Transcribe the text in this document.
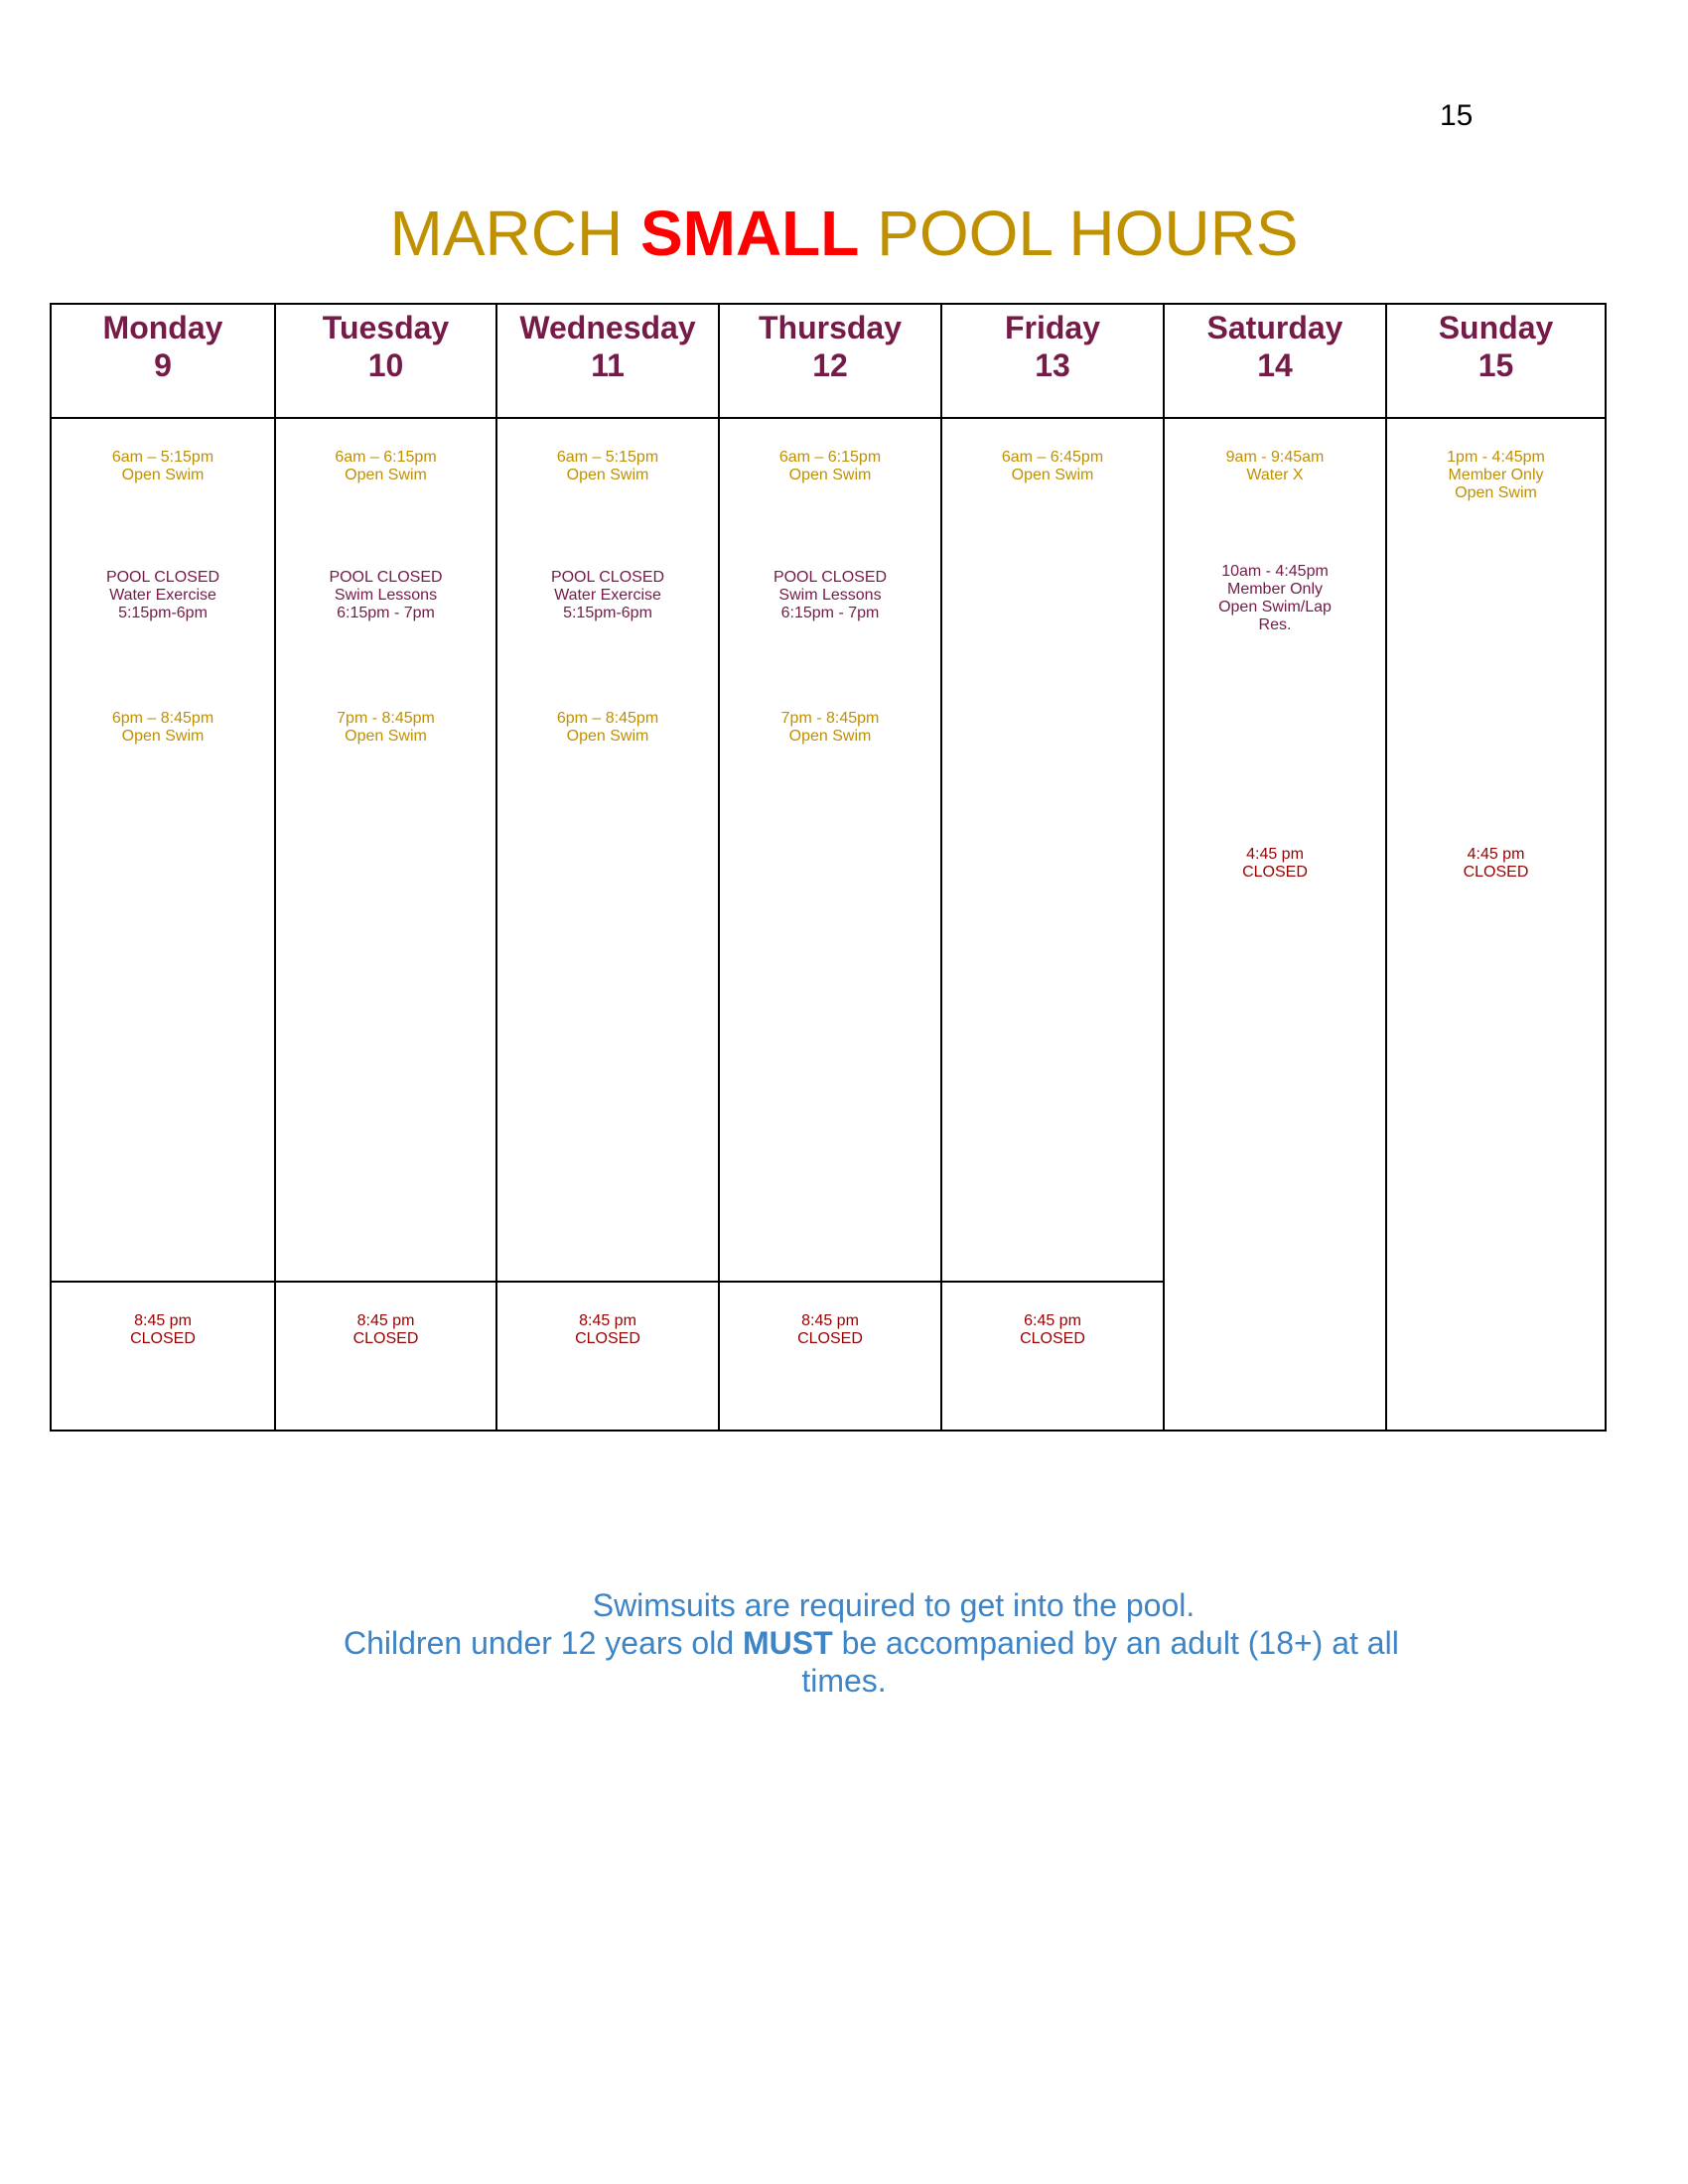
15
MARCH SMALL POOL HOURS
Monday
9
6am – 5:15pm
Open Swim
POOL CLOSED
Water Exercise
5:15pm-6pm
6pm – 8:45pm
Open Swim
8:45 pm
CLOSED
Tuesday
10
6am – 6:15pm
Open Swim
POOL CLOSED
Swim Lessons
6:15pm - 7pm
7pm - 8:45pm
Open Swim
8:45 pm
CLOSED
Wednesday
11
6am – 5:15pm
Open Swim
POOL CLOSED
Water Exercise
5:15pm-6pm
6pm – 8:45pm
Open Swim
8:45 pm
CLOSED
Thursday
12
6am – 6:15pm
Open Swim
POOL CLOSED
Swim Lessons
6:15pm - 7pm
7pm - 8:45pm
Open Swim
8:45 pm
CLOSED
Friday
13
6am – 6:45pm
Open Swim
6:45 pm
CLOSED
Saturday
14
9am - 9:45am
Water X
10am - 4:45pm
Member Only
Open Swim/Lap
Res.
4:45 pm
CLOSED
Sunday
15
1pm - 4:45pm
Member Only
Open Swim
4:45 pm
CLOSED
Swimsuits are required to get into the pool.
Children under 12 years old MUST be accompanied by an adult (18+) at all
times.
